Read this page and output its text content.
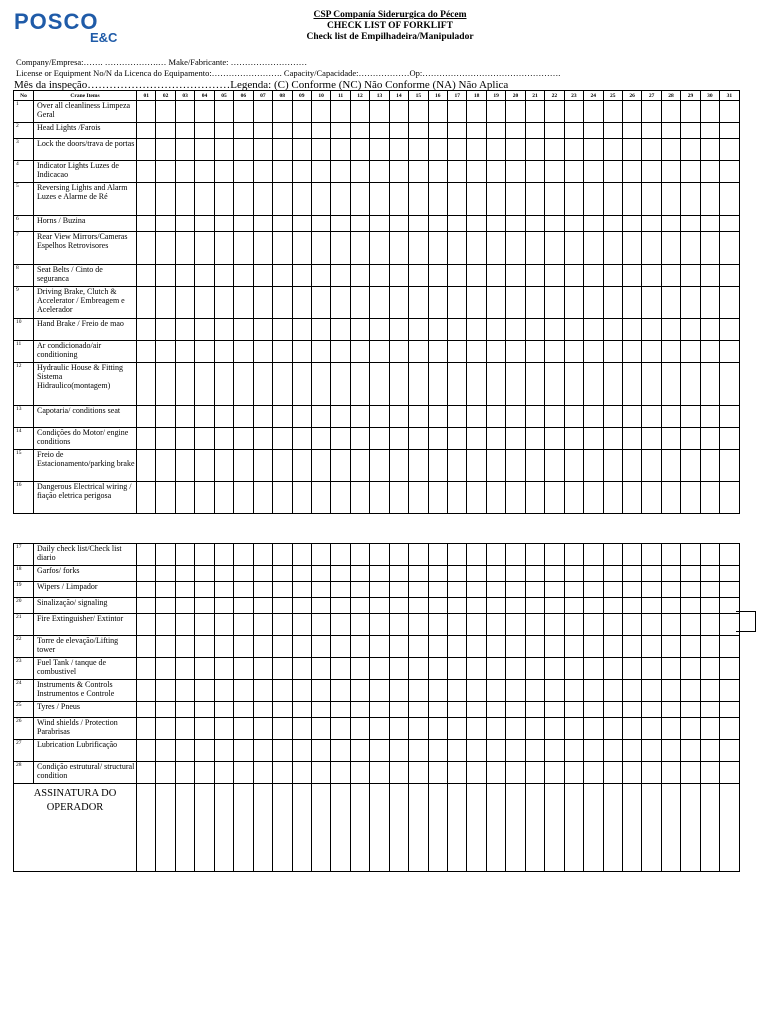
POSCO
E&C
CSP Companía Siderurgica do Pécem
CHECK LIST OF FORKLIFT
Check list de Empilhadeira/Manipulador
Company/Empresa:……. ……………….… Make/Fabricante: ………………………
License or Equipment No/N da Licenca do Equipamento:……………………. Capacity/Capacidade:………………Op:………………………………………….
Mês da inspeção…………………………………Legenda: (C) Conforme (NC) Não Conforme (NA) Não Aplica
No	Crane Items	01	02	03	04	05	06	07	08	09	10	11	12	13	14	15	16	17	18	19	20	21	22	23	24	25	26	27	28	29	30	31
1	Over all cleanliness Limpeza Geral																															
2	Head Lights /Farois																															
3	Lock the doors/trava de portas																															
4	Indicator Lights Luzes de Indicacao																															
5	Reversing Lights and Alarm Luzes e Alarme de Ré																															
6	Horns / Buzina																															
7	Rear View Mirrors/Cameras Espelhos Retrovisores																															
8	Seat Belts / Cinto de seguranca																															
9	Driving Brake, Clutch & Accelerator / Embreagem e Acelerador																															
10	Hand Brake / Freio de mao																															
11	Ar condicionado/air conditioning																															
12	Hydraulic House & Fitting Sistema Hidraulico(montagem)																															
13	Capotaria/ conditions seat																															
14	Condições do Motor/ engine conditions																															
15	Freio de Estacionamento/parking brake																															
16	Dangerous Electrical wiring / fiação eletrica perigosa																															
17	Daily check list/Check list diario																															
18	Garfos/ forks																															
19	Wipers / Limpador																															
20	Sinalização/ signaling																															
21	Fire Extinguisher/ Extintor																															
22	Torre de elevação/Lifting tower																															
23	Fuel Tank / tanque de combustivel																															
24	Instruments & Controls Instrumentos e Controle																															
25	Tyres / Pneus																															
26	Wind shields / Protection Parabrisas																															
27	Lubrication Lubrificação																															
28	Condição estrutural/ structural condition																															
ASSINATURA DO OPERADOR																																
